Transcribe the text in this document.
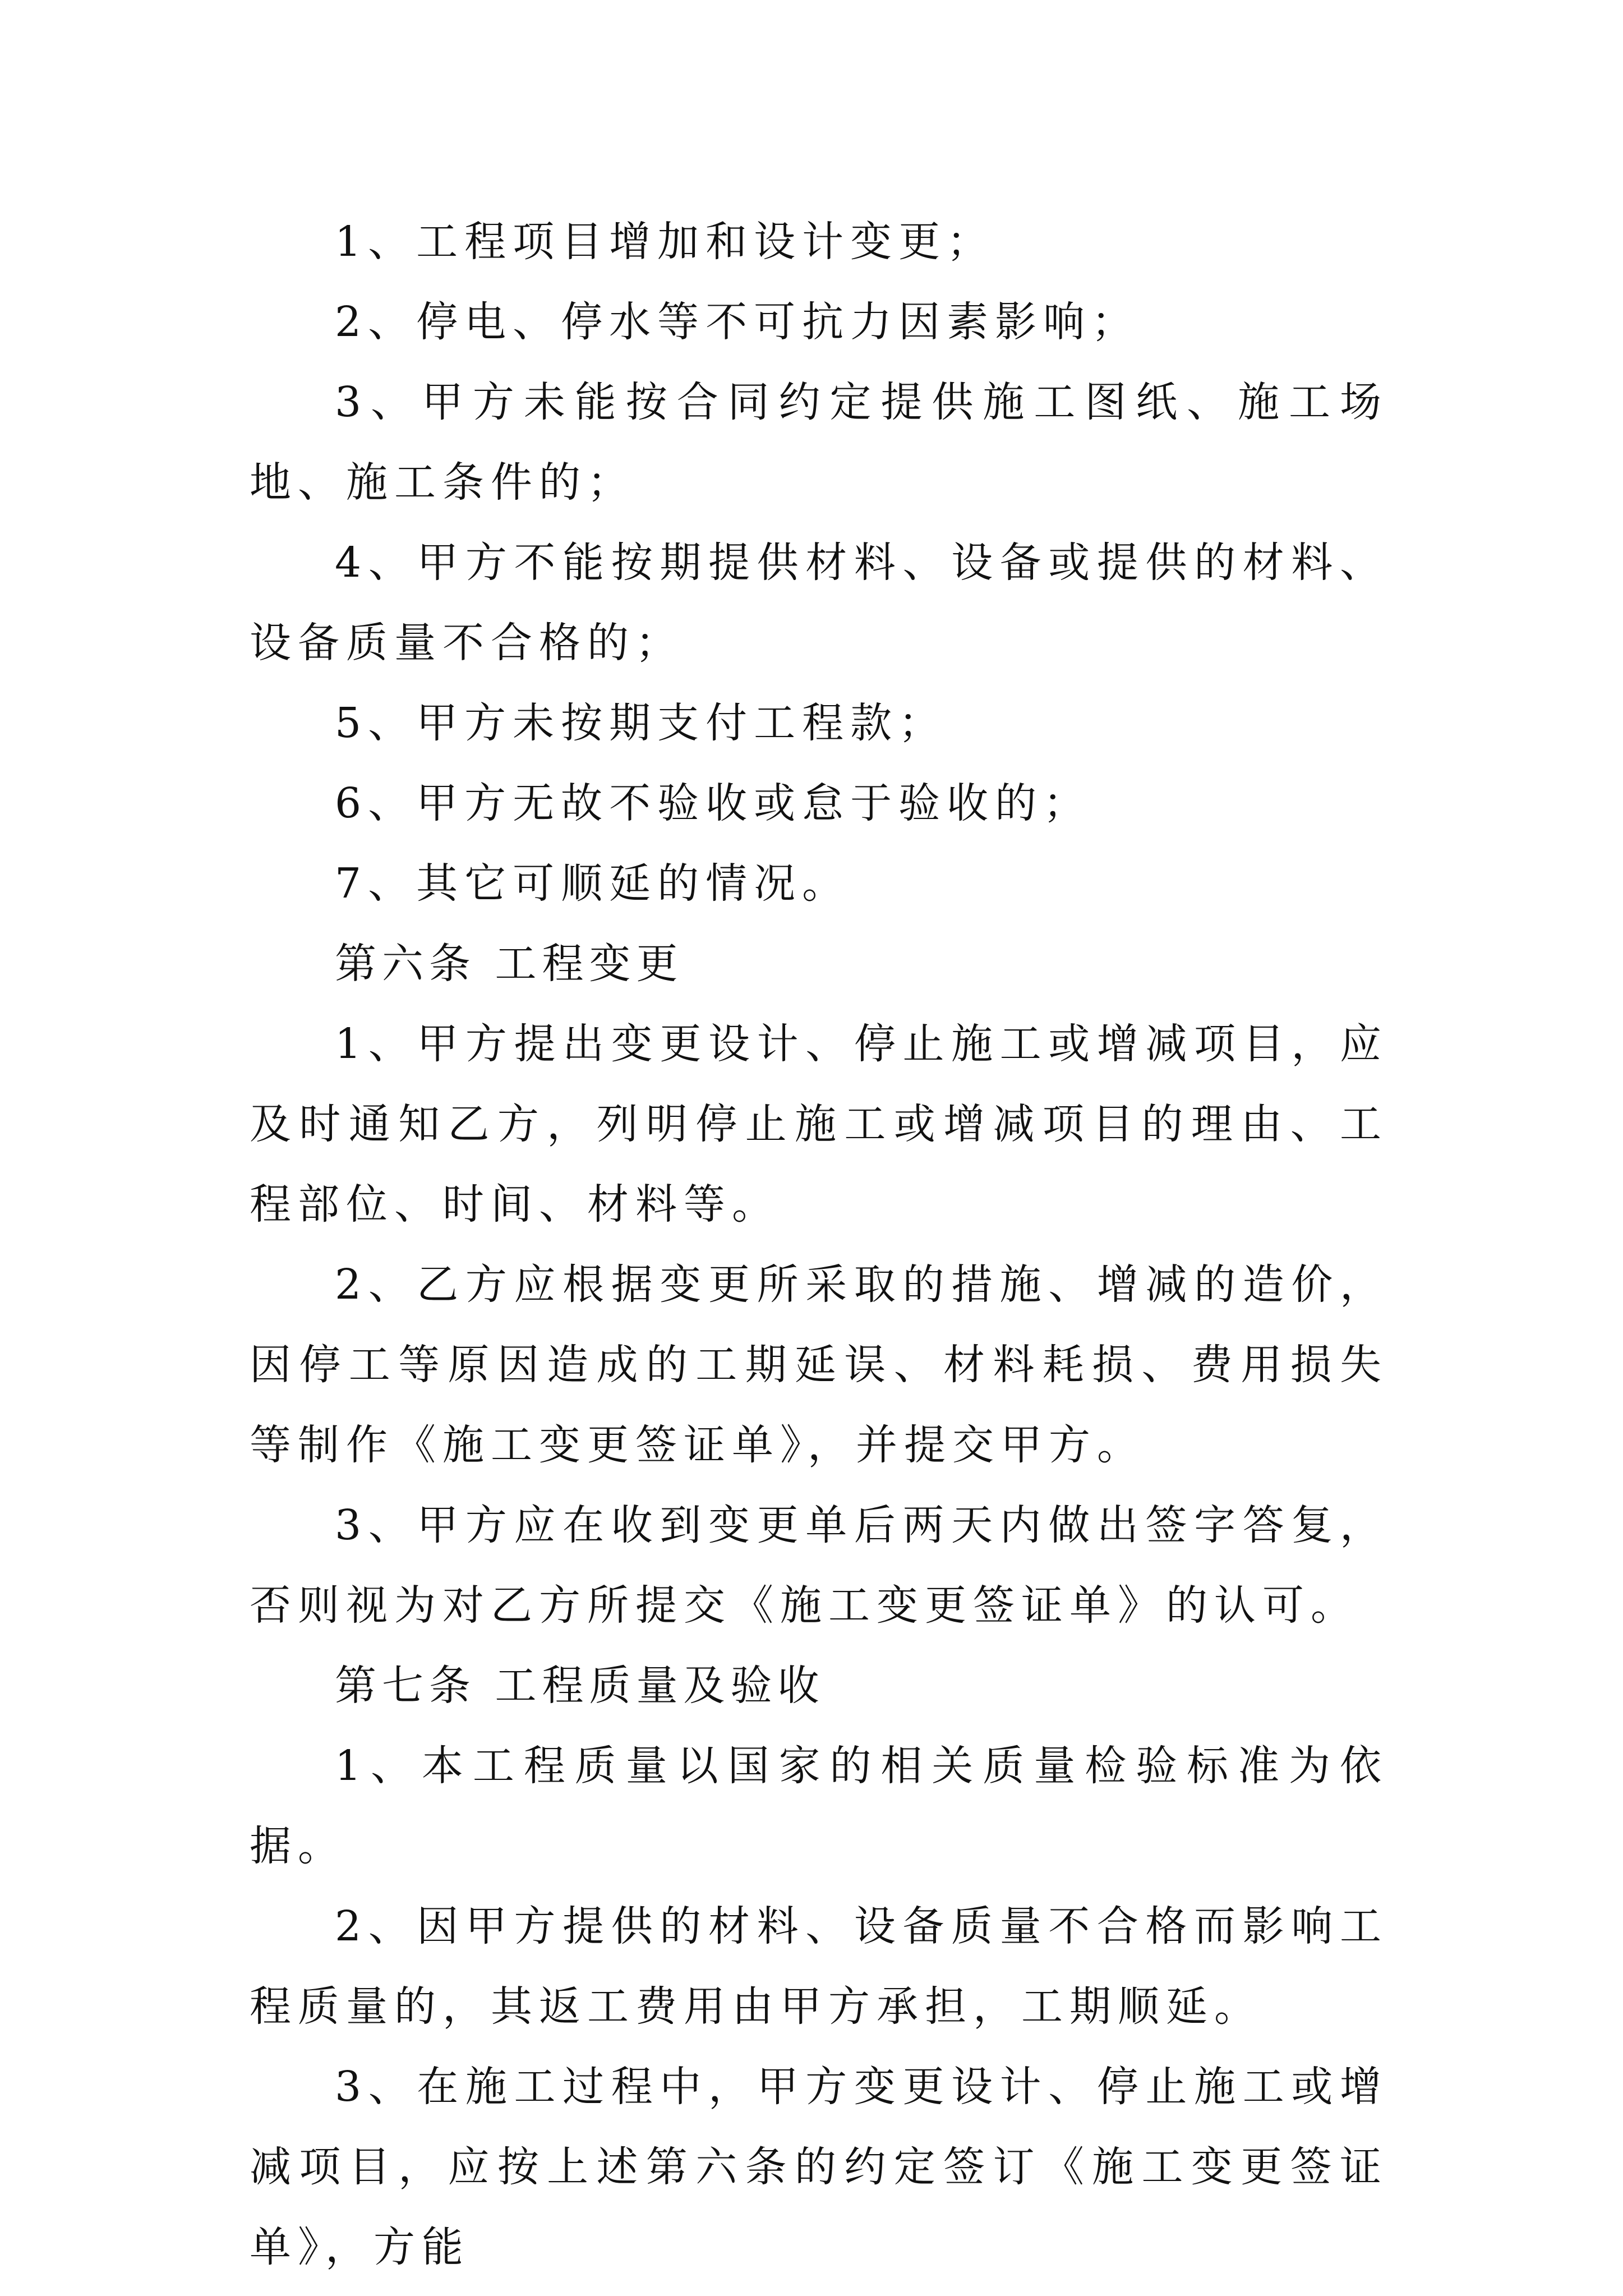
1、工程项目增加和设计变更；

2、停电、停水等不可抗力因素影响；

3、甲方未能按合同约定提供施工图纸、施工场地、施工条件的；

4、甲方不能按期提供材料、设备或提供的材料、设备质量不合格的；

5、甲方未按期支付工程款；

6、甲方无故不验收或怠于验收的；

7、其它可顺延的情况。

第六条 工程变更

1、甲方提出变更设计、停止施工或增减项目，应及时通知乙方，列明停止施工或增减项目的理由、工程部位、时间、材料等。

2、乙方应根据变更所采取的措施、增减的造价，因停工等原因造成的工期延误、材料耗损、费用损失等制作《施工变更签证单》，并提交甲方。

3、甲方应在收到变更单后两天内做出签字答复，否则视为对乙方所提交《施工变更签证单》的认可。

第七条 工程质量及验收

1、本工程质量以国家的相关质量检验标准为依据。

2、因甲方提供的材料、设备质量不合格而影响工程质量的，其返工费用由甲方承担，工期顺延。

3、在施工过程中，甲方变更设计、停止施工或增减项目，应按上述第六条的约定签订《施工变更签证单》，方能
